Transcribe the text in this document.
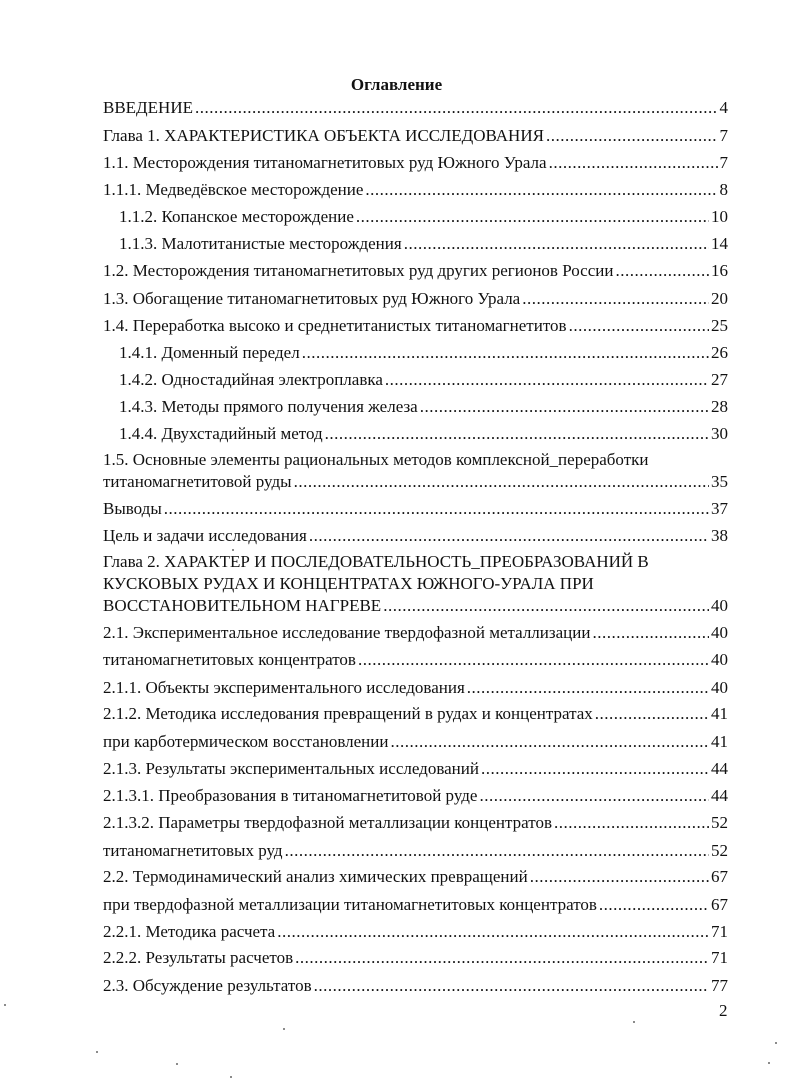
Оглавление
ВВЕДЕНИЕ .....	4
Глава 1. ХАРАКТЕРИСТИКА ОБЪЕКТА ИССЛЕДОВАНИЯ .....	7
1.1. Месторождения титаномагнетитовых руд Южного Урала .....	7
1.1.1. Медведёвское месторождение .....	8
1.1.2. Копанское месторождение .....	10
1.1.3. Малотитанистые месторождения .....	14
1.2. Месторождения титаномагнетитовых руд других регионов России .....	16
1.3. Обогащение титаномагнетитовых руд Южного Урала .....	20
1.4. Переработка высоко и среднетитанистых титаномагнетитов .....	25
1.4.1. Доменный передел .....	26
1.4.2. Одностадийная электроплавка .....	27
1.4.3. Методы прямого получения железа .....	28
1.4.4. Двухстадийный метод .....	30
1.5. Основные элементы рациональных методов комплексной_переработки
титаномагнетитовой руды .....	35
Выводы .....	37
Цель и задачи исследования .....	38
Глава 2. ХАРАКТЕР И ПОСЛЕДОВАТЕЛЬНОСТЬ_ПРЕОБРАЗОВАНИЙ В
КУСКОВЫХ РУДАХ И КОНЦЕНТРАТАХ ЮЖНОГО-УРАЛА ПРИ
ВОССТАНОВИТЕЛЬНОМ НАГРЕВЕ .....	40
2.1. Экспериментальное исследование твердофазной металлизации .....	40
титаномагнетитовых концентратов .....	40
2.1.1. Объекты экспериментального исследования .....	40
2.1.2. Методика исследования превращений в рудах и концентратах .....	41
при карботермическом восстановлении .....	41
2.1.3. Результаты экспериментальных исследований .....	44
2.1.3.1. Преобразования в титаномагнетитовой руде .....	44
2.1.3.2. Параметры твердофазной металлизации концентратов .....	52
титаномагнетитовых руд .....	52
2.2. Термодинамический анализ химических превращений .....	67
при твердофазной металлизации титаномагнетитовых концентратов .....	67
2.2.1. Методика расчета .....	71
2.2.2. Результаты расчетов .....	71
2.3. Обсуждение результатов .....	77
2
